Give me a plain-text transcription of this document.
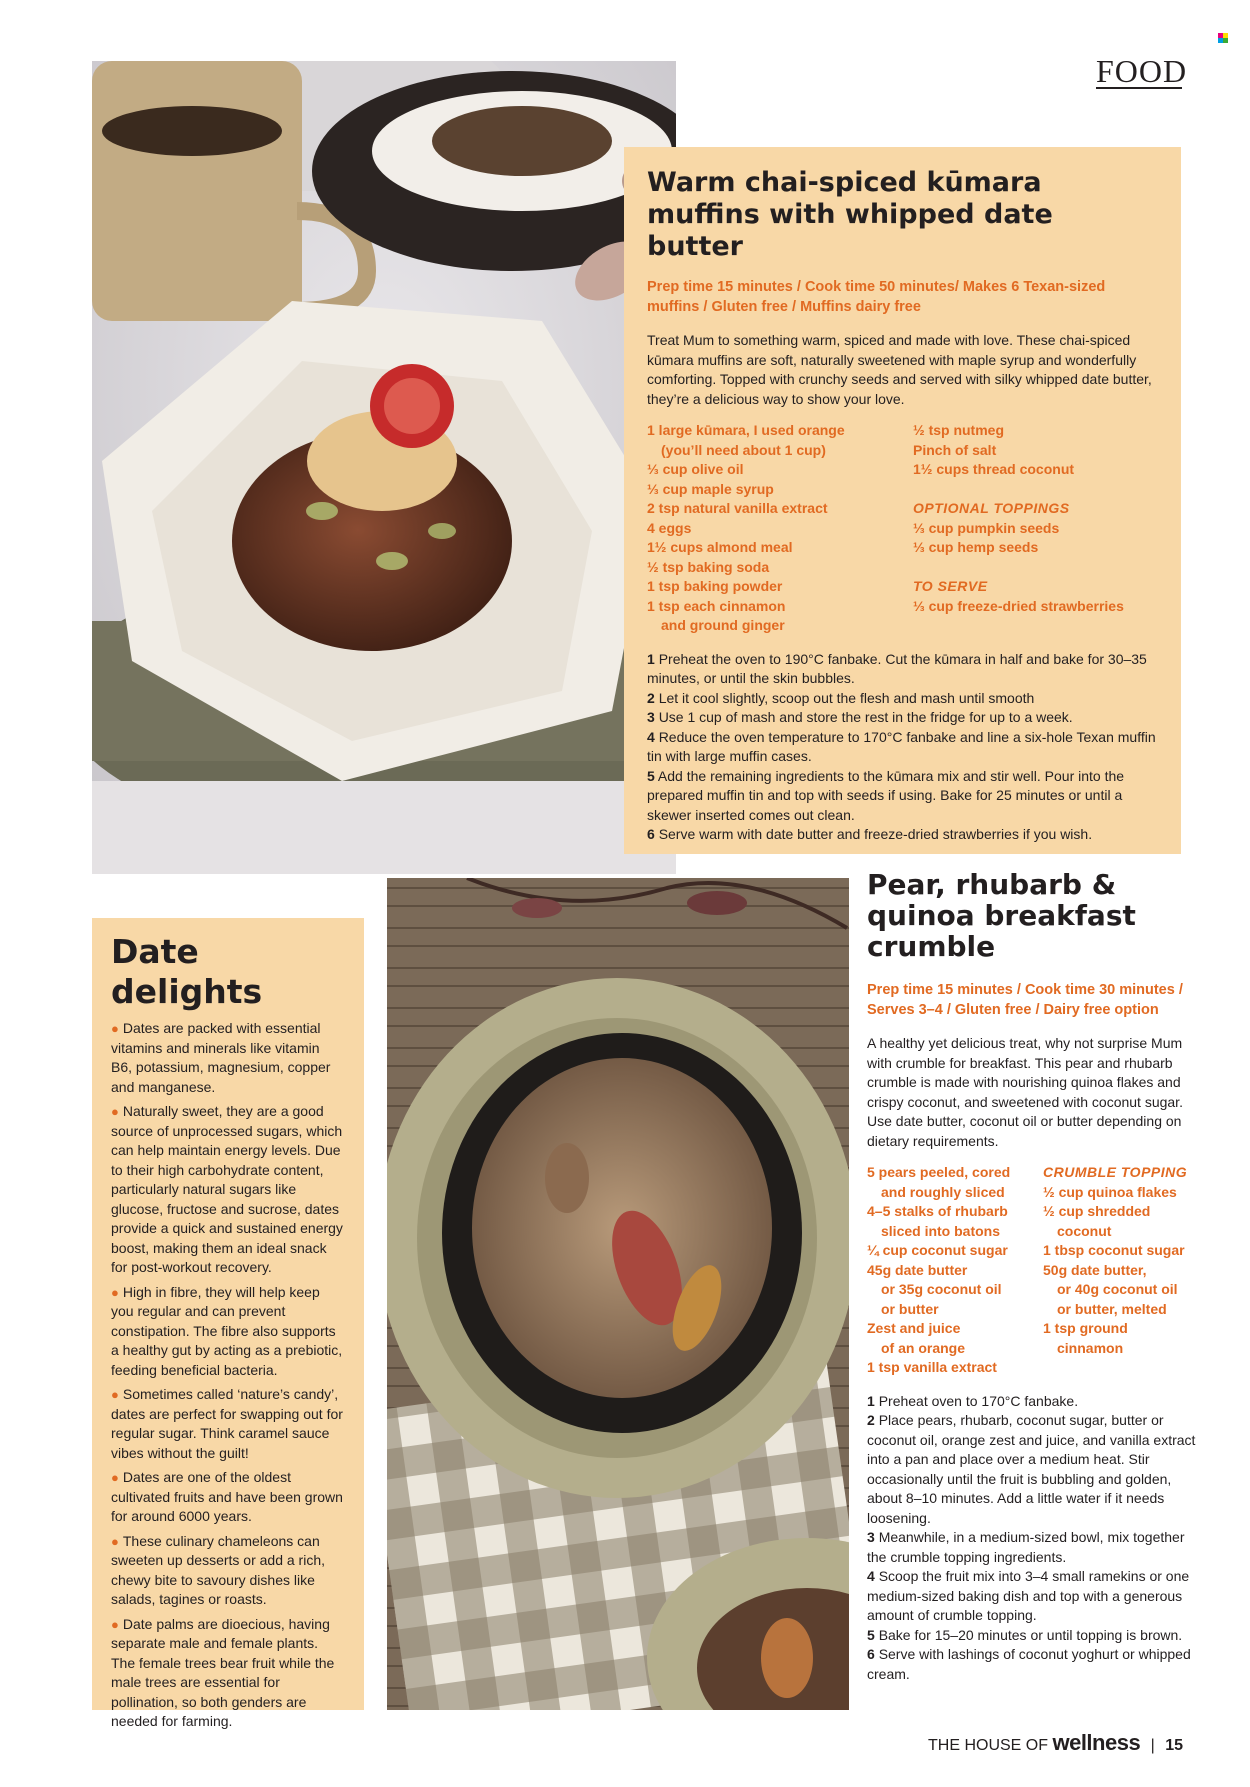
FOOD
Warm chai-spiced kūmara muffins with whipped date butter

Prep time 15 minutes / Cook time 50 minutes/ Makes 6 Texan-sized muffins / Gluten free / Muffins dairy free

Treat Mum to something warm, spiced and made with love. These chai-spiced kūmara muffins are soft, naturally sweetened with maple syrup and wonderfully comforting. Topped with crunchy seeds and served with silky whipped date butter, they’re a delicious way to show your love.

1 large kūmara, I used orange
(you’ll need about 1 cup)
⅓ cup olive oil
⅓ cup maple syrup
2 tsp natural vanilla extract
4 eggs
1½ cups almond meal
½ tsp baking soda
1 tsp baking powder
1 tsp each cinnamon
and ground ginger
½ tsp nutmeg
Pinch of salt
1½ cups thread coconut
OPTIONAL TOPPINGS
⅓ cup pumpkin seeds
⅓ cup hemp seeds
TO SERVE
⅓ cup freeze-dried strawberries

1 Preheat the oven to 190°C fanbake. Cut the kūmara in half and bake for 30–35 minutes, or until the skin bubbles.

2 Let it cool slightly, scoop out the flesh and mash until smooth

3 Use 1 cup of mash and store the rest in the fridge for up to a week.

4 Reduce the oven temperature to 170°C fanbake and line a six-hole Texan muffin tin with large muffin cases.

5 Add the remaining ingredients to the kūmara mix and stir well. Pour into the prepared muffin tin and top with seeds if using. Bake for 25 minutes or until a skewer inserted comes out clean.

6 Serve warm with date butter and freeze-dried strawberries if you wish.

Date delights

● Dates are packed with essential vitamins and minerals like vitamin B6, potassium, magnesium, copper and manganese.

● Naturally sweet, they are a good source of unprocessed sugars, which can help maintain energy levels. Due to their high carbohydrate content, particularly natural sugars like glucose, fructose and sucrose, dates provide a quick and sustained energy boost, making them an ideal snack for post-workout recovery.

● High in fibre, they will help keep you regular and can prevent constipation. The fibre also supports a healthy gut by acting as a prebiotic, feeding beneficial bacteria.

● Sometimes called ‘nature’s candy’, dates are perfect for swapping out for regular sugar. Think caramel sauce vibes without the guilt!

● Dates are one of the oldest cultivated fruits and have been grown for around 6000 years.

● These culinary chameleons can sweeten up desserts or add a rich, chewy bite to savoury dishes like salads, tagines or roasts.

● Date palms are dioecious, having separate male and female plants. The female trees bear fruit while the male trees are essential for pollination, so both genders are needed for farming.

Pear, rhubarb & quinoa breakfast crumble

Prep time 15 minutes / Cook time 30 minutes / Serves 3–4 / Gluten free / Dairy free option

A healthy yet delicious treat, why not surprise Mum with crumble for breakfast. This pear and rhubarb crumble is made with nourishing quinoa flakes and crispy coconut, and sweetened with coconut sugar. Use date butter, coconut oil or butter depending on dietary requirements.

5 pears peeled, cored
and roughly sliced
4–5 stalks of rhubarb
sliced into batons
¼ cup coconut sugar
45g date butter
or 35g coconut oil
or butter
Zest and juice
of an orange
1 tsp vanilla extract
CRUMBLE TOPPING
½ cup quinoa flakes
½ cup shredded
coconut
1 tbsp coconut sugar
50g date butter,
or 40g coconut oil
or butter, melted
1 tsp ground
cinnamon

1 Preheat oven to 170°C fanbake.

2 Place pears, rhubarb, coconut sugar, butter or coconut oil, orange zest and juice, and vanilla extract into a pan and place over a medium heat. Stir occasionally until the fruit is bubbling and golden, about 8–10 minutes. Add a little water if it needs loosening.

3 Meanwhile, in a medium-sized bowl, mix together the crumble topping ingredients.

4 Scoop the fruit mix into 3–4 small ramekins or one medium-sized baking dish and top with a generous amount of crumble topping.

5 Bake for 15–20 minutes or until topping is brown.

6 Serve with lashings of coconut yoghurt or whipped cream.

THE HOUSE OF wellness | 15
